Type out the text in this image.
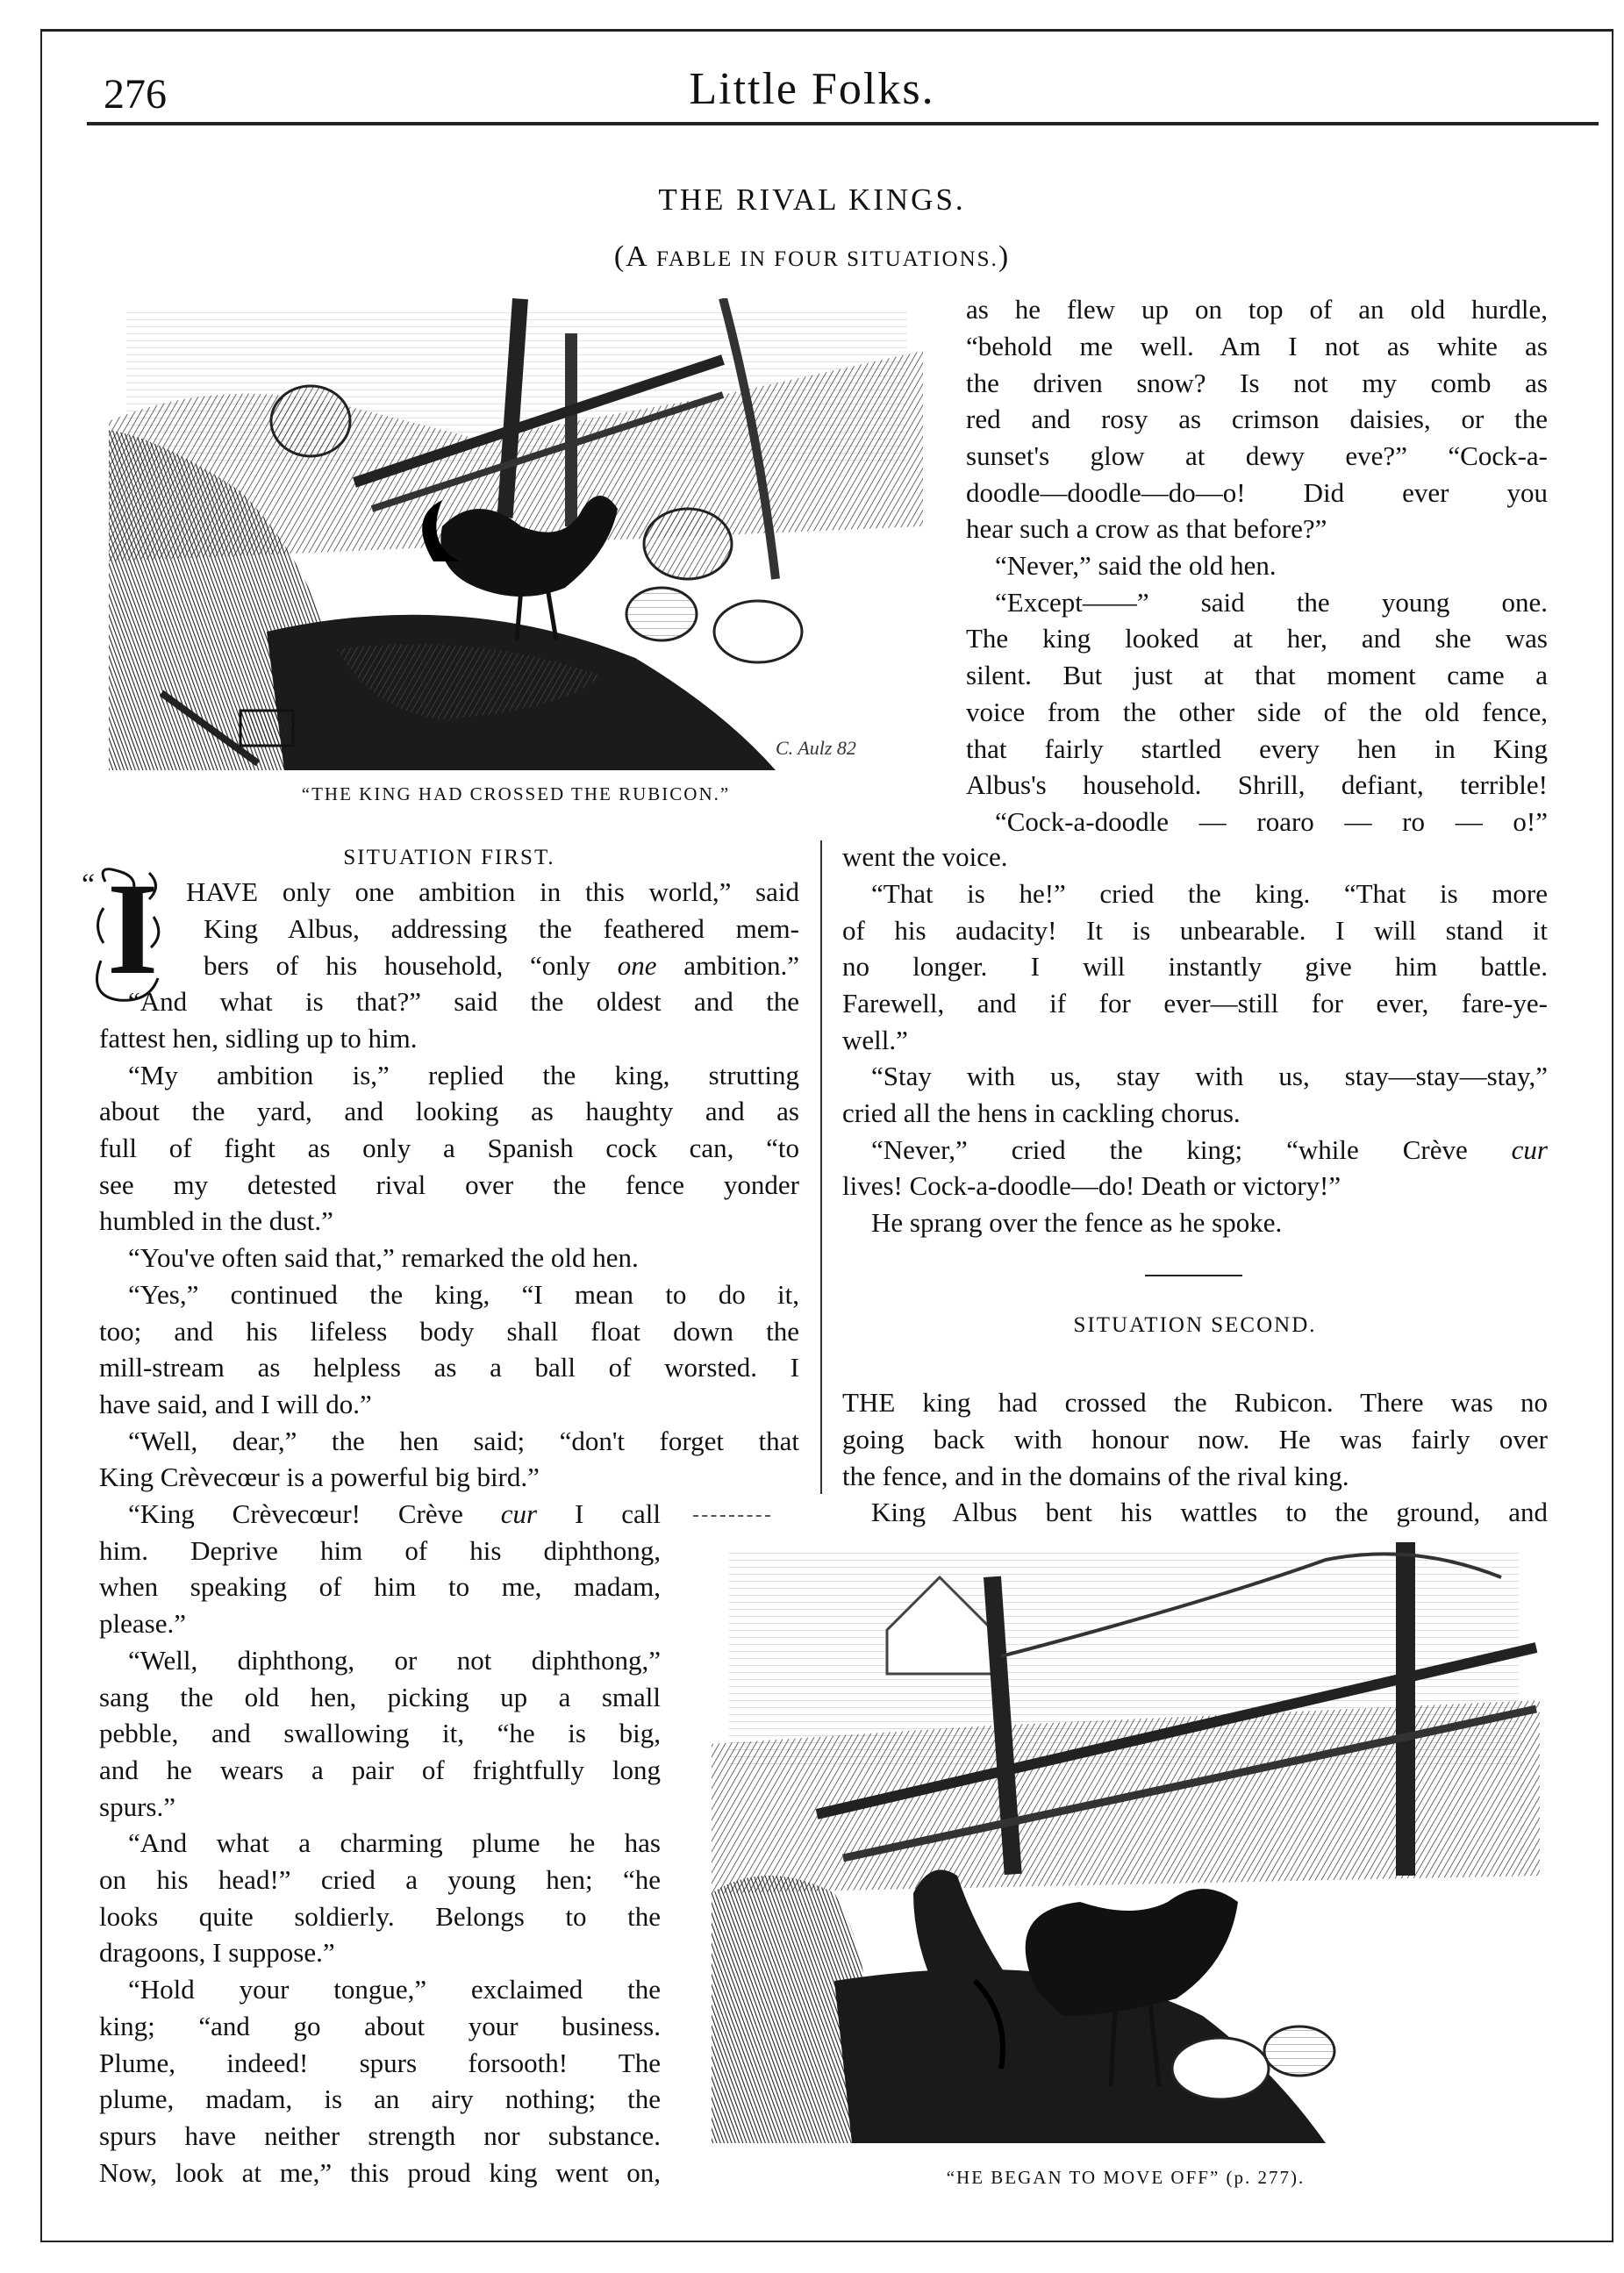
276	Little Folks.
THE RIVAL KINGS.
(A FABLE IN FOUR SITUATIONS.)
C. Aulz 82
“THE KING HAD CROSSED THE RUBICON.”
SITUATION FIRST.
“ I
SITUATION SECOND.
as he flew up on top of an old hurdle,
“behold me well. Am I not as white as
the driven snow? Is not my comb as
red and rosy as crimson daisies, or the
sunset's glow at dewy eve?” “Cock-a-
doodle—doodle—do—o! Did ever you
hear such a crow as that before?”
“Never,” said the old hen.
“Except——” said the young one.
The king looked at her, and she was
silent. But just at that moment came a
voice from the other side of the old fence,
that fairly startled every hen in King
Albus's household. Shrill, defiant, terrible!
“Cock-a-doodle — roaro — ro — o!”
went the voice.
“That is he!” cried the king. “That is more
of his audacity! It is unbearable. I will stand it
no longer. I will instantly give him battle.
Farewell, and if for ever—still for ever, fare-ye-
well.”
“Stay with us, stay with us, stay—stay—stay,”
cried all the hens in cackling chorus.
“Never,” cried the king; “while Crève cur
lives! Cock-a-doodle—do! Death or victory!”
He sprang over the fence as he spoke.
THE king had crossed the Rubicon. There was no
going back with honour now. He was fairly over
the fence, and in the domains of the rival king.
King Albus bent his wattles to the ground, and
HAVE only one ambition in this world,” said
King Albus, addressing the feathered mem-
bers of his household, “only one ambition.”
“And what is that?” said the oldest and the
fattest hen, sidling up to him.
“My ambition is,” replied the king, strutting
about the yard, and looking as haughty and as
full of fight as only a Spanish cock can, “to
see my detested rival over the fence yonder
humbled in the dust.”
“You've often said that,” remarked the old hen.
“Yes,” continued the king, “I mean to do it,
too; and his lifeless body shall float down the
mill-stream as helpless as a ball of worsted. I
have said, and I will do.”
“Well, dear,” the hen said; “don't forget that
King Crèvecœur is a powerful big bird.”
“King Crèvecœur! Crève cur I call
him. Deprive him of his diphthong,
when speaking of him to me, madam,
please.”
“Well, diphthong, or not diphthong,”
sang the old hen, picking up a small
pebble, and swallowing it, “he is big,
and he wears a pair of frightfully long
spurs.”
“And what a charming plume he has
on his head!” cried a young hen; “he
looks quite soldierly. Belongs to the
dragoons, I suppose.”
“Hold your tongue,” exclaimed the
king; “and go about your business.
Plume, indeed! spurs forsooth! The
plume, madam, is an airy nothing; the
spurs have neither strength nor substance.
Now, look at me,” this proud king went on,	“HE BEGAN TO MOVE OFF” (p. 277).
